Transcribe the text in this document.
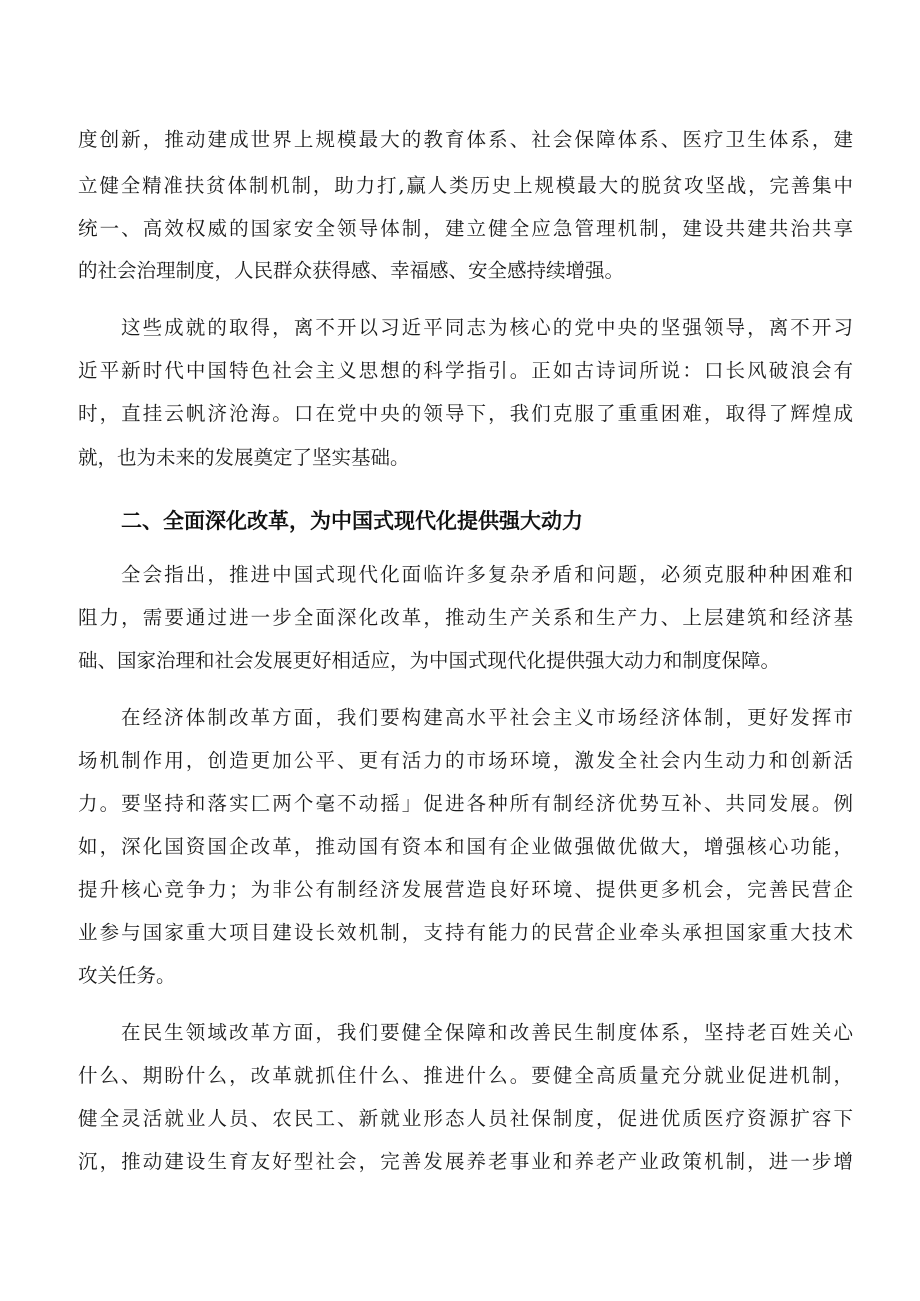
度创新，推动建成世界上规模最大的教育体系、社会保障体系、医疗卫生体系，建
立健全精准扶贫体制机制，助力打,赢人类历史上规模最大的脱贫攻坚战，完善集中
统一、高效权威的国家安全领导体制，建立健全应急管理机制，建设共建共治共享
的社会治理制度，人民群众获得感、幸福感、安全感持续增强。
这些成就的取得，离不开以习近平同志为核心的党中央的坚强领导，离不开习
近平新时代中国特色社会主义思想的科学指引。正如古诗词所说：口长风破浪会有
时，直挂云帆济沧海。口在党中央的领导下，我们克服了重重困难，取得了辉煌成
就，也为未来的发展奠定了坚实基础。
二、全面深化改革，为中国式现代化提供强大动力
全会指出，推进中国式现代化面临许多复杂矛盾和问题，必须克服种种困难和
阻力，需要通过进一步全面深化改革，推动生产关系和生产力、上层建筑和经济基
础、国家治理和社会发展更好相适应，为中国式现代化提供强大动力和制度保障。
在经济体制改革方面，我们要构建高水平社会主义市场经济体制，更好发挥市
场机制作用，创造更加公平、更有活力的市场环境，激发全社会内生动力和创新活
力。要坚持和落实匚两个毫不动摇」促进各种所有制经济优势互补、共同发展。例
如，深化国资国企改革，推动国有资本和国有企业做强做优做大，增强核心功能，
提升核心竞争力；为非公有制经济发展营造良好环境、提供更多机会，完善民营企
业参与国家重大项目建设长效机制，支持有能力的民营企业牵头承担国家重大技术
攻关任务。
在民生领域改革方面，我们要健全保障和改善民生制度体系，坚持老百姓关心
什么、期盼什么，改革就抓住什么、推进什么。要健全高质量充分就业促进机制，
健全灵活就业人员、农民工、新就业形态人员社保制度，促进优质医疗资源扩容下
沉，推动建设生育友好型社会，完善发展养老事业和养老产业政策机制，进一步增
